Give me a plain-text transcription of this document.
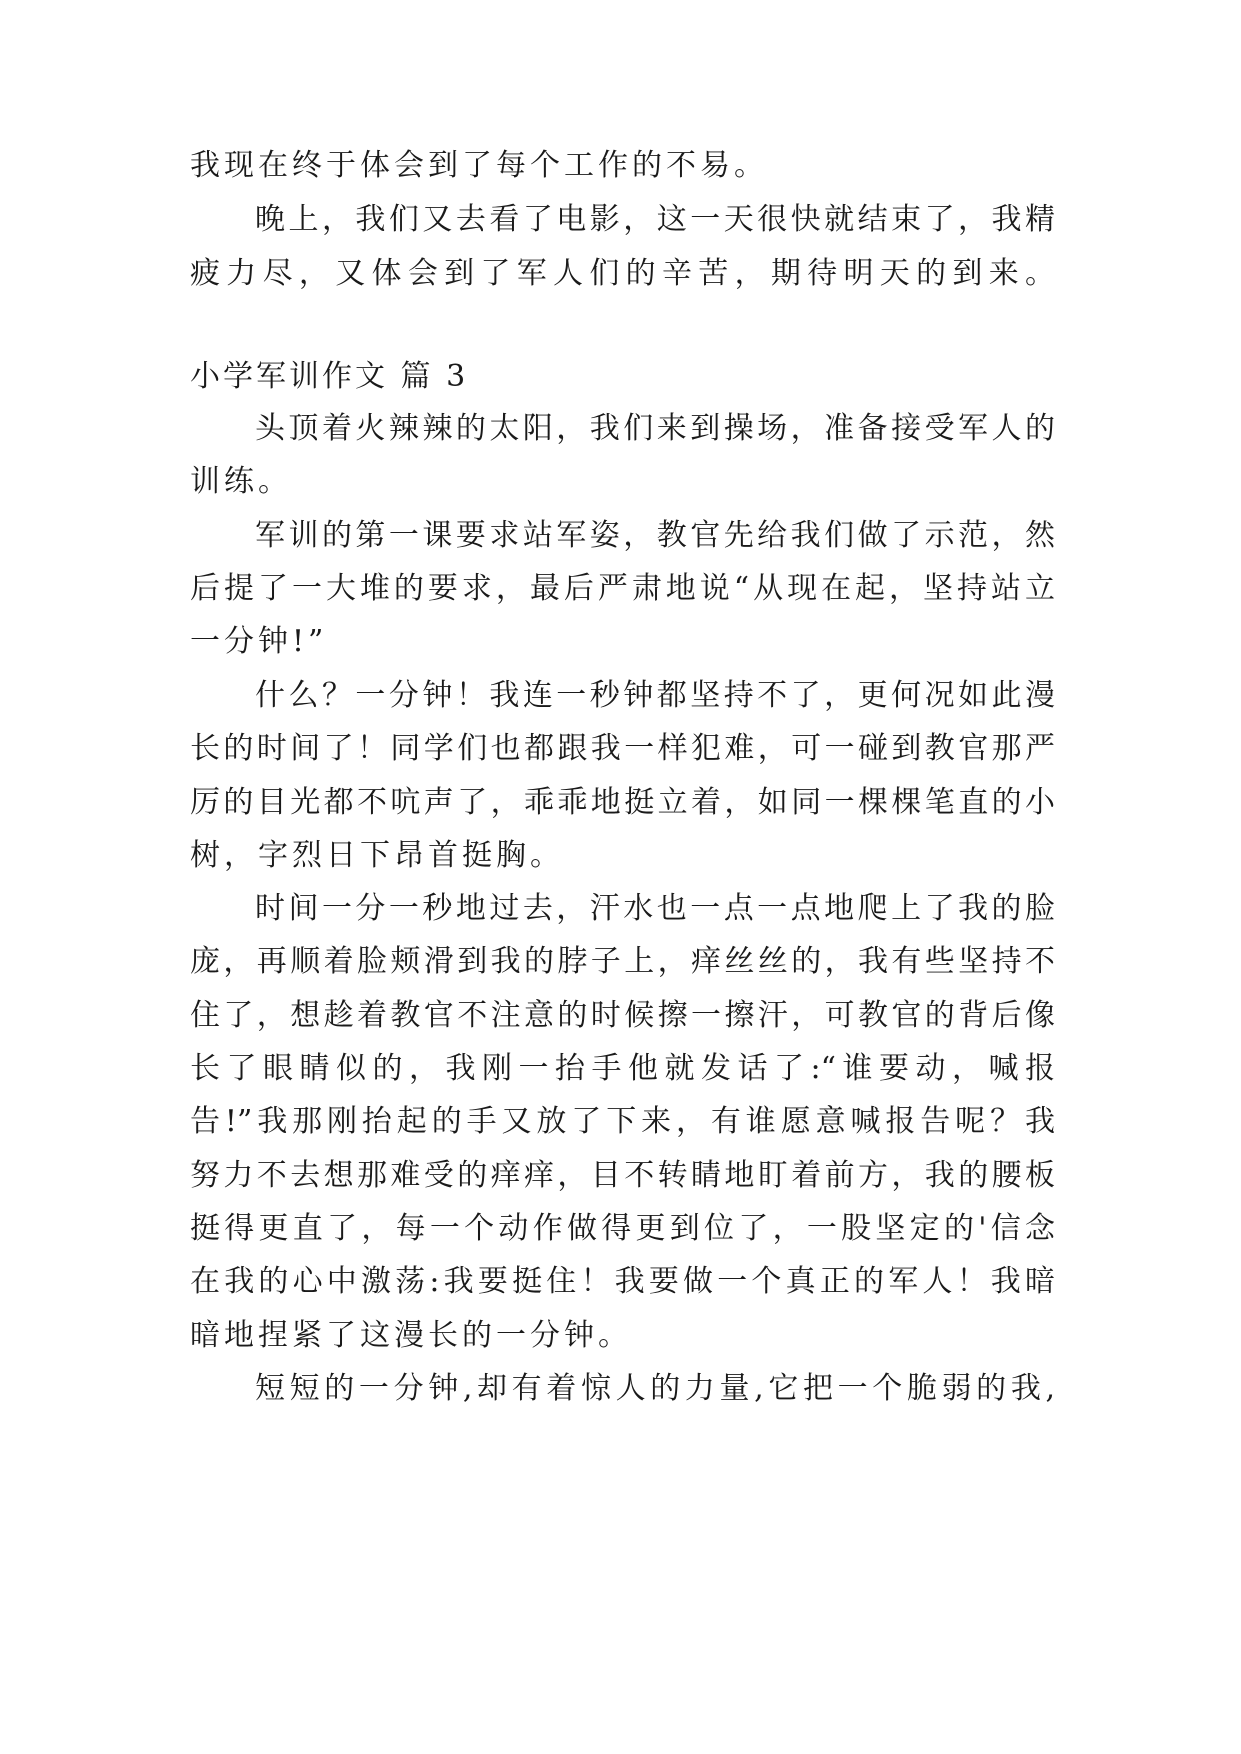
我现在终于体会到了每个工作的不易。
晚上，我们又去看了电影，这一天很快就结束了，我精
疲力尽，又体会到了军人们的辛苦，期待明天的到来。
小学军训作文 篇 3
头顶着火辣辣的太阳，我们来到操场，准备接受军人的
训练。
军训的第一课要求站军姿，教官先给我们做了示范，然
后提了一大堆的要求，最后严肃地说“从现在起，坚持站立
一分钟!”
什么？一分钟！我连一秒钟都坚持不了，更何况如此漫
长的时间了！同学们也都跟我一样犯难，可一碰到教官那严
厉的目光都不吭声了，乖乖地挺立着，如同一棵棵笔直的小
树，字烈日下昂首挺胸。
时间一分一秒地过去，汗水也一点一点地爬上了我的脸
庞，再顺着脸颊滑到我的脖子上，痒丝丝的，我有些坚持不
住了，想趁着教官不注意的时候擦一擦汗，可教官的背后像
长了眼睛似的，我刚一抬手他就发话了:“谁要动，喊报
告!”我那刚抬起的手又放了下来，有谁愿意喊报告呢？我
努力不去想那难受的痒痒，目不转睛地盯着前方，我的腰板
挺得更直了，每一个动作做得更到位了，一股坚定的'信念
在我的心中激荡:我要挺住！我要做一个真正的军人！我暗
暗地捏紧了这漫长的一分钟。
短短的一分钟,却有着惊人的力量,它把一个脆弱的我,
